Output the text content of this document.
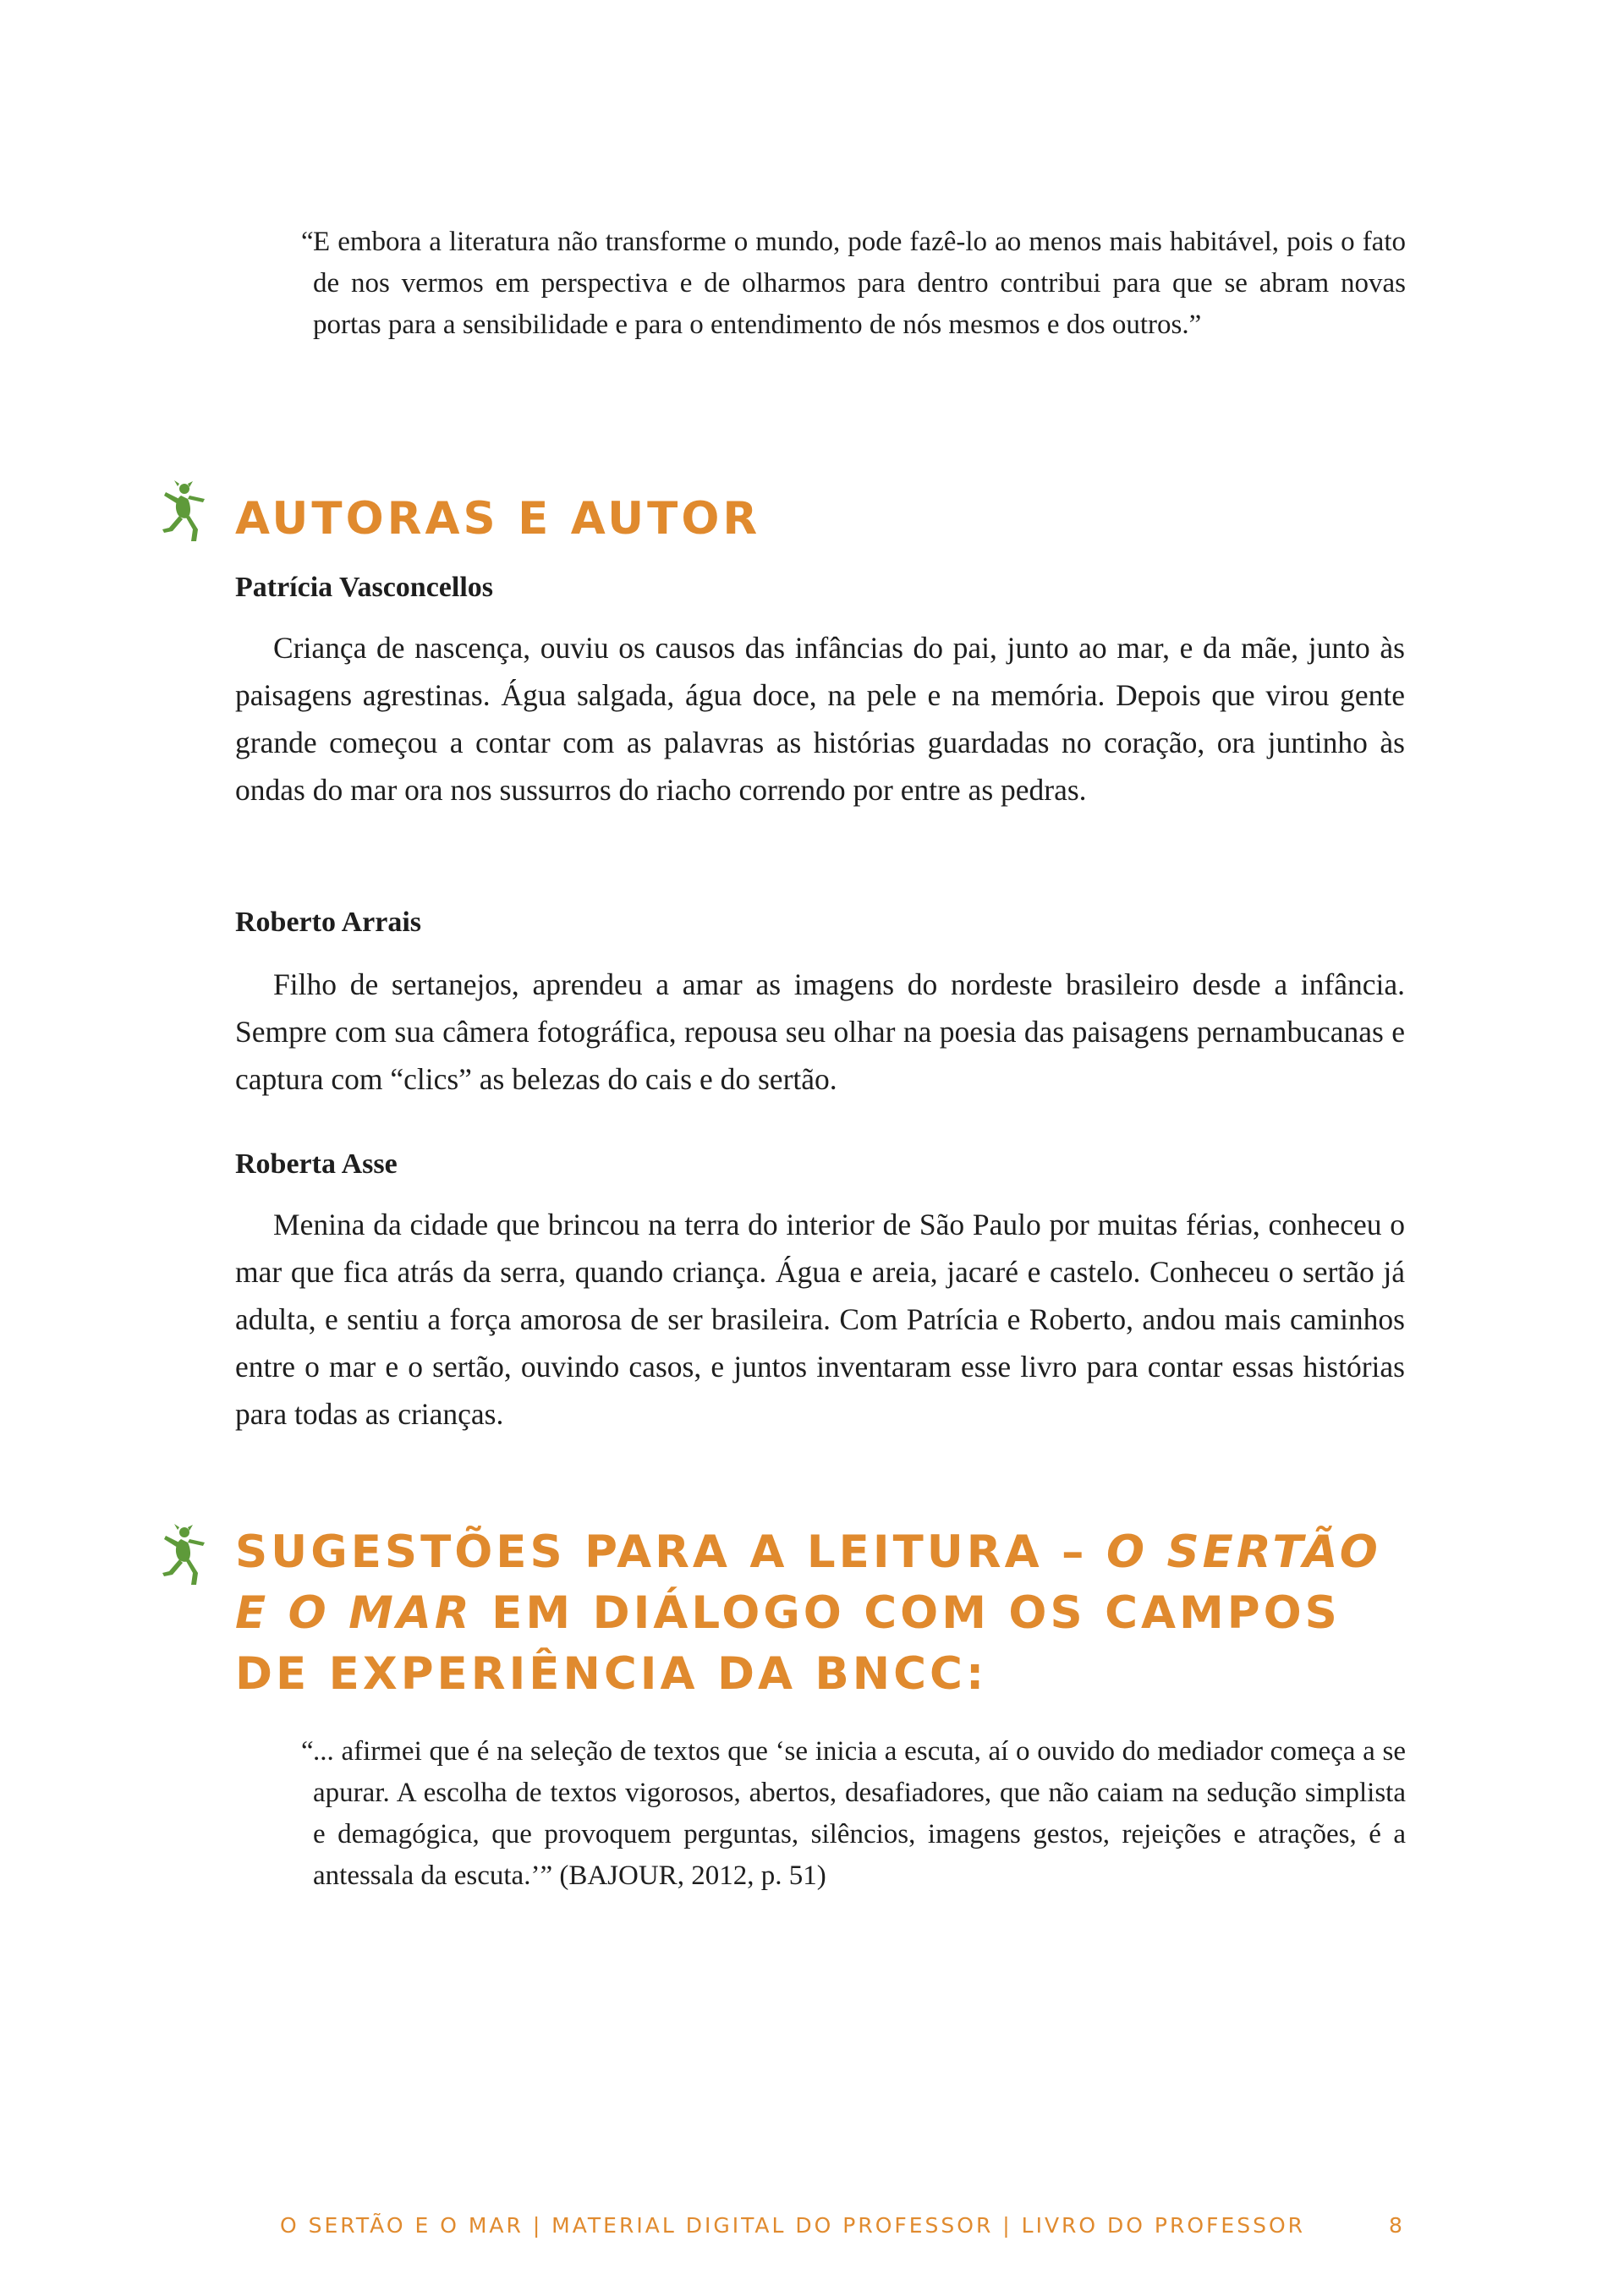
“ E embora a literatura não transforme o mundo, pode fazê-lo ao menos mais habitável, pois o fato de nos vermos em perspectiva e de olharmos para dentro contribui para que se abram novas portas para a sensibilidade e para o entendimento de nós mesmos e dos outros.”

AUTORAS E AUTOR

Patrícia Vasconcellos

Criança de nascença, ouviu os causos das infâncias do pai, junto ao mar, e da mãe, junto às paisagens agrestinas. Água salgada, água doce, na pele e na memória. Depois que virou gente grande começou a contar com as palavras as histórias guardadas no coração, ora juntinho às ondas do mar ora nos sussurros do riacho correndo por entre as pedras.

Roberto Arrais

Filho de sertanejos, aprendeu a amar as imagens do nordeste brasileiro desde a infância. Sempre com sua câmera fotográfica, repousa seu olhar na poesia das paisagens pernambucanas e captura com “clics” as belezas do cais e do sertão.

Roberta Asse

Menina da cidade que brincou na terra do interior de São Paulo por muitas férias, conheceu o mar que fica atrás da serra, quando criança. Água e areia, jacaré e castelo. Conheceu o sertão já adulta, e sentiu a força amorosa de ser brasileira. Com Patrícia e Roberto, andou mais caminhos entre o mar e o sertão, ouvindo casos, e juntos inventaram esse livro para contar essas histórias para todas as crianças.

SUGESTÕES PARA A LEITURA – O SERTÃO E O MAR EM DIÁLOGO COM OS CAMPOS DE EXPERIÊNCIA DA BNCC:
“ ... afirmei que é na seleção de textos que ‘se inicia a escuta, aí o ouvido do mediador começa a se apurar. A escolha de textos vigorosos, abertos, desafiadores, que não caiam na sedução simplista e demagógica, que provoquem perguntas, silêncios, imagens gestos, rejeições e atrações, é a antessala da escuta.’” (BAJOUR, 2012, p. 51)

O SERTÃO E O MAR | MATERIAL DIGITAL DO PROFESSOR | LIVRO DO PROFESSOR	8
